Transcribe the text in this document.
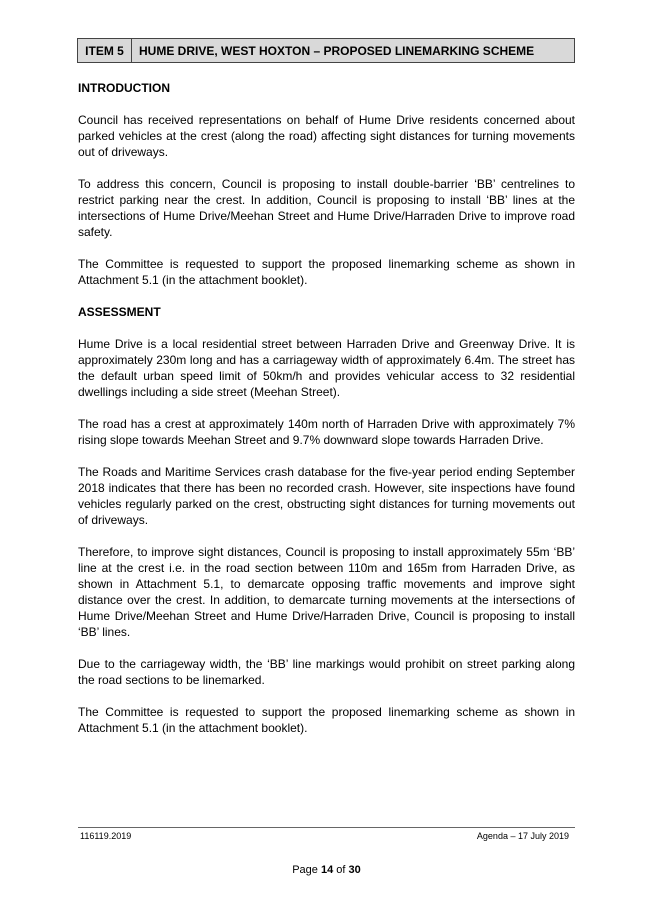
ITEM 5	HUME DRIVE, WEST HOXTON – PROPOSED LINEMARKING SCHEME
INTRODUCTION

Council has received representations on behalf of Hume Drive residents concerned about parked vehicles at the crest (along the road) affecting sight distances for turning movements out of driveways.

To address this concern, Council is proposing to install double-barrier ‘BB’ centrelines to restrict parking near the crest. In addition, Council is proposing to install ‘BB’ lines at the intersections of Hume Drive/Meehan Street and Hume Drive/Harraden Drive to improve road safety.

The Committee is requested to support the proposed linemarking scheme as shown in Attachment 5.1 (in the attachment booklet).

ASSESSMENT

Hume Drive is a local residential street between Harraden Drive and Greenway Drive. It is approximately 230m long and has a carriageway width of approximately 6.4m. The street has the default urban speed limit of 50km/h and provides vehicular access to 32 residential dwellings including a side street (Meehan Street).

The road has a crest at approximately 140m north of Harraden Drive with approximately 7% rising slope towards Meehan Street and 9.7% downward slope towards Harraden Drive.

The Roads and Maritime Services crash database for the five-year period ending September 2018 indicates that there has been no recorded crash. However, site inspections have found vehicles regularly parked on the crest, obstructing sight distances for turning movements out of driveways.

Therefore, to improve sight distances, Council is proposing to install approximately 55m ‘BB’ line at the crest i.e. in the road section between 110m and 165m from Harraden Drive, as shown in Attachment 5.1, to demarcate opposing traffic movements and improve sight distance over the crest. In addition, to demarcate turning movements at the intersections of Hume Drive/Meehan Street and Hume Drive/Harraden Drive, Council is proposing to install ‘BB’ lines.

Due to the carriageway width, the ‘BB’ line markings would prohibit on street parking along the road sections to be linemarked.

The Committee is requested to support the proposed linemarking scheme as shown in Attachment 5.1 (in the attachment booklet).

116119.2019	Agenda – 17 July 2019
Page 14 of 30
